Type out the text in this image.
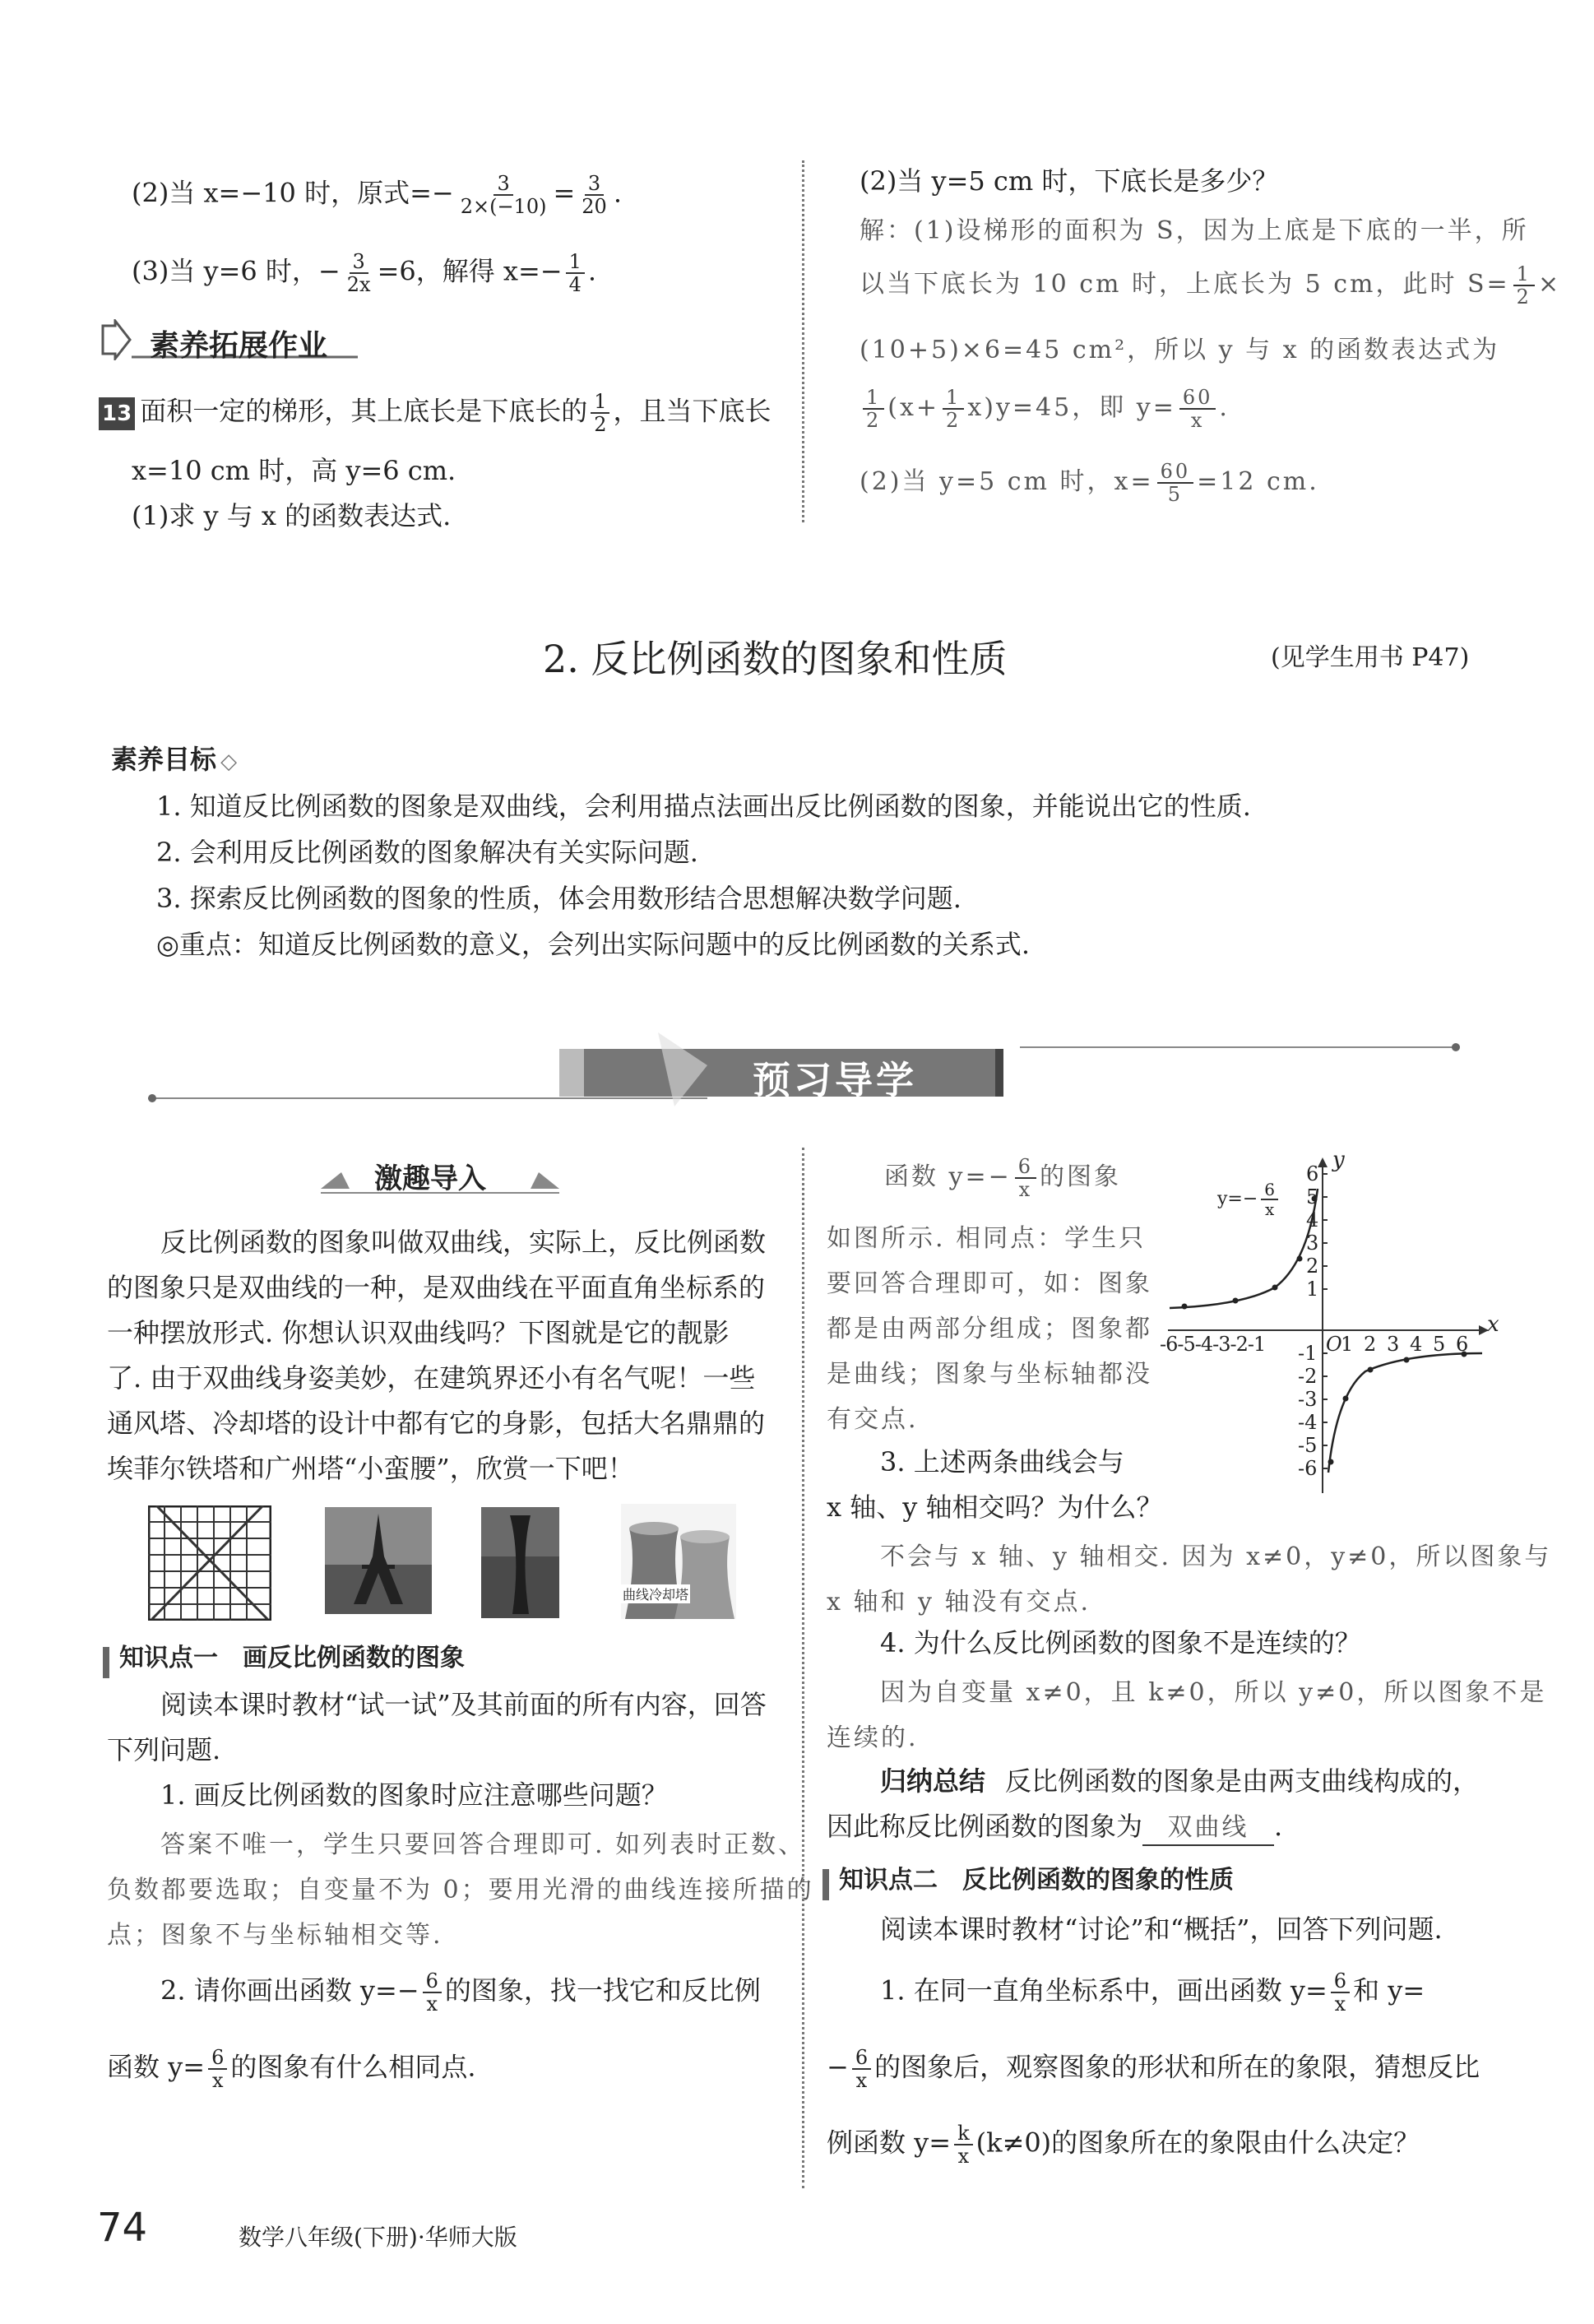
(2)当 x=−10 时，原式=− $\frac{3}{2\times(-10)} = \frac{3}{20}$ .
(3)当 y=6 时，− $\frac{3}{2x} =6$，解得 $x=- \frac{1}{4}$ .
素养拓展作业
13 面积一定的梯形，其上底长是下底长的 $\frac{1}{2}$ ，且当下底长
x=10 cm 时，高 y=6 cm.
(1)求 y 与 x 的函数表达式.
(2)当 y=5 cm 时，下底长是多少？
解：(1)设梯形的面积为 S，因为上底是下底的一半，所
以当下底长为 10 cm 时，上底长为 5 cm，此时 $S= \frac{1}{2}$ ×
(10+5)×6=45 cm²，所以 y 与 x 的函数表达式为
$\frac{1}{2} (x+ \frac{1}{2} x)y=45$，即 $y= \frac{60}{x}$ .
(2)当 y=5 cm 时，$x= \frac{60}{5} =12$ cm.
2. 反比例函数的图象和性质	(见学生用书 P47)
素养目标 ◇
1. 知道反比例函数的图象是双曲线，会利用描点法画出反比例函数的图象，并能说出它的性质.
2. 会利用反比例函数的图象解决有关实际问题.
3. 探索反比例函数的图象的性质，体会用数形结合思想解决数学问题.
◎重点：知道反比例函数的意义，会列出实际问题中的反比例函数的关系式.
预习导学
激趣导入
反比例函数的图象叫做双曲线，实际上，反比例函数
的图象只是双曲线的一种，是双曲线在平面直角坐标系的
一种摆放形式. 你想认识双曲线吗？下图就是它的靓影
了. 由于双曲线身姿美妙，在建筑界还小有名气呢！一些
通风塔、冷却塔的设计中都有它的身影，包括大名鼎鼎的
埃菲尔铁塔和广州塔“小蛮腰”，欣赏一下吧！
曲线冷却塔
知识点一　画反比例函数的图象
阅读本课时教材“试一试”及其前面的所有内容，回答
下列问题.
1. 画反比例函数的图象时应注意哪些问题？
答案不唯一，学生只要回答合理即可. 如列表时正数、
负数都要选取；自变量不为 0；要用光滑的曲线连接所描的
点；图象不与坐标轴相交等.
2. 请你画出函数 $y=- \frac{6}{x}$ 的图象，找一找它和反比例
函数 $y= \frac{6}{x}$ 的图象有什么相同点.
函数 $y=- \frac{6}{x}$ 的图象
如图所示. 相同点：学生只
要回答合理即可，如：图象
都是由两部分组成；图象都
是曲线；图象与坐标轴都没
有交点.
y
x
$y=- \frac{6}{x}$
-6-5-4-3-2-1	O
1 2 3 4 5 6
6
5
4
3
2
1
-1
-2
-3
-4
-5
-6
3. 上述两条曲线会与
x 轴、y 轴相交吗？为什么？
不会与 x 轴、y 轴相交. 因为 x≠0，y≠0，所以图象与
x 轴和 y 轴没有交点.
4. 为什么反比例函数的图象不是连续的？
因为自变量 x≠0，且 k≠0，所以 y≠0，所以图象不是
连续的.
归纳总结 反比例函数的图象是由两支曲线构成的，
因此称反比例函数的图象为 双曲线 .
知识点二　反比例函数的图象的性质
阅读本课时教材“讨论”和“概括”，回答下列问题.
1. 在同一直角坐标系中，画出函数 $y= \frac{6}{x}$ 和 y=
− $\frac{6}{x}$ 的图象后，观察图象的形状和所在的象限，猜想反比
例函数 $y= \frac{k}{x} (k\ne 0)$的图象所在的象限由什么决定？
74	数学八年级(下册)·华师大版
